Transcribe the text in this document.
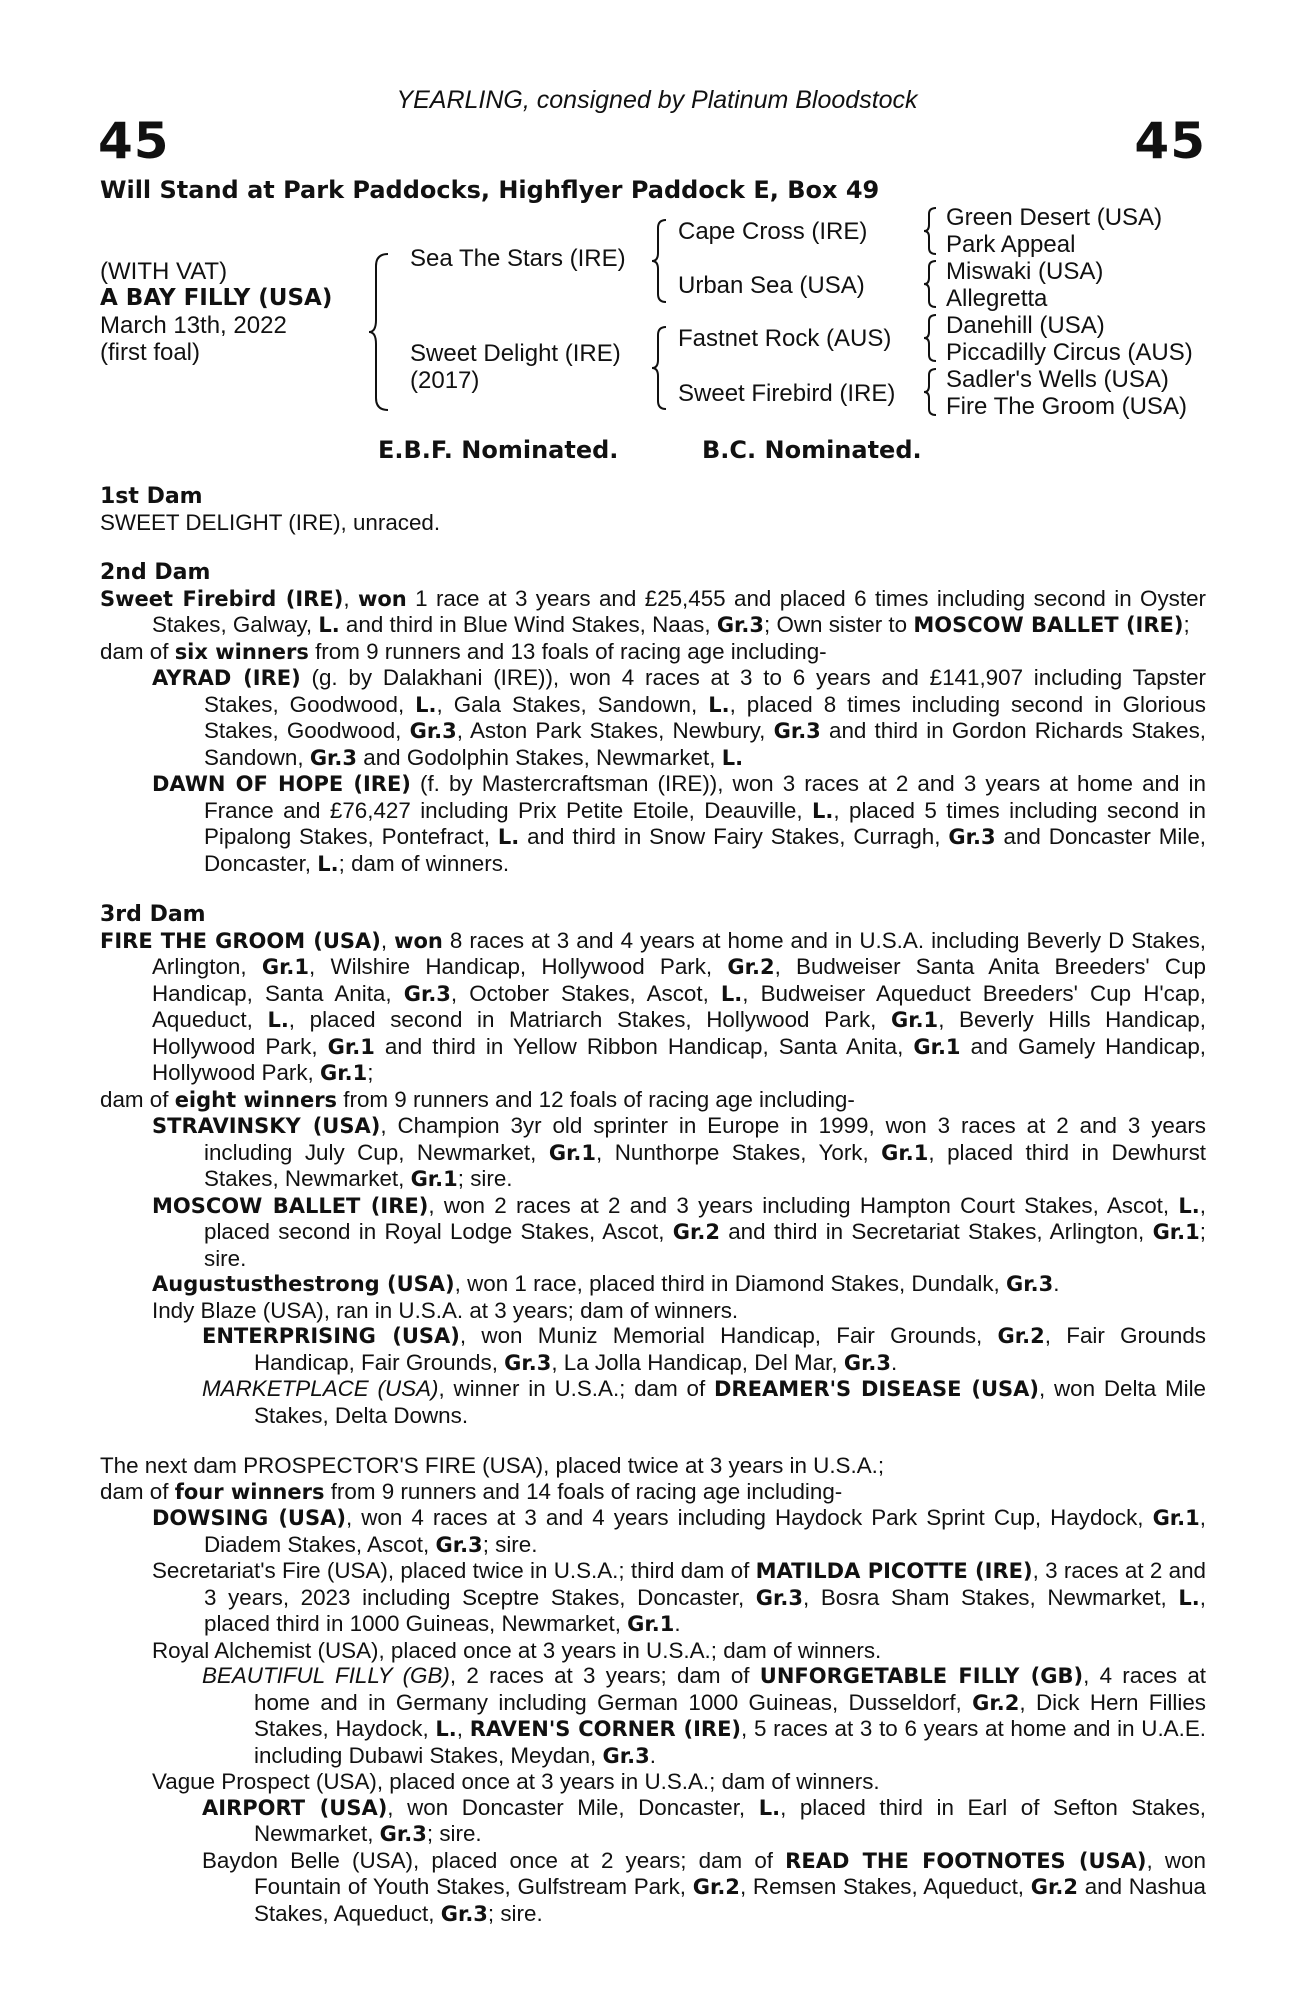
YEARLING, consigned by Platinum Bloodstock
45	45
Will Stand at Park Paddocks, Highflyer Paddock E, Box 49
(WITH VAT)
A BAY FILLY (USA)
March 13th, 2022
(first foal)
Sea The Stars (IRE)
Sweet Delight (IRE)
(2017)
Cape Cross (IRE)
Urban Sea (USA)
Fastnet Rock (AUS)
Sweet Firebird (IRE)
Green Desert (USA)
Park Appeal
Miswaki (USA)
Allegretta
Danehill (USA)
Piccadilly Circus (AUS)
Sadler's Wells (USA)
Fire The Groom (USA)
E.B.F. Nominated.	B.C. Nominated.
1st Dam
SWEET DELIGHT (IRE), unraced.
2nd Dam
Sweet Firebird (IRE), won 1 race at 3 years and £25,455 and placed 6 times including second in Oyster Stakes, Galway, L. and third in Blue Wind Stakes, Naas, Gr.3; Own sister to MOSCOW BALLET (IRE);
dam of six winners from 9 runners and 13 foals of racing age including-
AYRAD (IRE) (g. by Dalakhani (IRE)), won 4 races at 3 to 6 years and £141,907 including Tapster Stakes, Goodwood, L., Gala Stakes, Sandown, L., placed 8 times including second in Glorious Stakes, Goodwood, Gr.3, Aston Park Stakes, Newbury, Gr.3 and third in Gordon Richards Stakes, Sandown, Gr.3 and Godolphin Stakes, Newmarket, L.
DAWN OF HOPE (IRE) (f. by Mastercraftsman (IRE)), won 3 races at 2 and 3 years at home and in France and £76,427 including Prix Petite Etoile, Deauville, L., placed 5 times including second in Pipalong Stakes, Pontefract, L. and third in Snow Fairy Stakes, Curragh, Gr.3 and Doncaster Mile, Doncaster, L.; dam of winners.
3rd Dam
FIRE THE GROOM (USA), won 8 races at 3 and 4 years at home and in U.S.A. including Beverly D Stakes, Arlington, Gr.1, Wilshire Handicap, Hollywood Park, Gr.2, Budweiser Santa Anita Breeders' Cup Handicap, Santa Anita, Gr.3, October Stakes, Ascot, L., Budweiser Aqueduct Breeders' Cup H'cap, Aqueduct, L., placed second in Matriarch Stakes, Hollywood Park, Gr.1, Beverly Hills Handicap, Hollywood Park, Gr.1 and third in Yellow Ribbon Handicap, Santa Anita, Gr.1 and Gamely Handicap, Hollywood Park, Gr.1;
dam of eight winners from 9 runners and 12 foals of racing age including-
STRAVINSKY (USA), Champion 3yr old sprinter in Europe in 1999, won 3 races at 2 and 3 years including July Cup, Newmarket, Gr.1, Nunthorpe Stakes, York, Gr.1, placed third in Dewhurst Stakes, Newmarket, Gr.1; sire.
MOSCOW BALLET (IRE), won 2 races at 2 and 3 years including Hampton Court Stakes, Ascot, L., placed second in Royal Lodge Stakes, Ascot, Gr.2 and third in Secretariat Stakes, Arlington, Gr.1; sire.
Augustusthestrong (USA), won 1 race, placed third in Diamond Stakes, Dundalk, Gr.3.
Indy Blaze (USA), ran in U.S.A. at 3 years; dam of winners.
ENTERPRISING (USA), won Muniz Memorial Handicap, Fair Grounds, Gr.2, Fair Grounds Handicap, Fair Grounds, Gr.3, La Jolla Handicap, Del Mar, Gr.3.
MARKETPLACE (USA), winner in U.S.A.; dam of DREAMER'S DISEASE (USA), won Delta Mile Stakes, Delta Downs.
The next dam PROSPECTOR'S FIRE (USA), placed twice at 3 years in U.S.A.;
dam of four winners from 9 runners and 14 foals of racing age including-
DOWSING (USA), won 4 races at 3 and 4 years including Haydock Park Sprint Cup, Haydock, Gr.1, Diadem Stakes, Ascot, Gr.3; sire.
Secretariat's Fire (USA), placed twice in U.S.A.; third dam of MATILDA PICOTTE (IRE), 3 races at 2 and 3 years, 2023 including Sceptre Stakes, Doncaster, Gr.3, Bosra Sham Stakes, Newmarket, L., placed third in 1000 Guineas, Newmarket, Gr.1.
Royal Alchemist (USA), placed once at 3 years in U.S.A.; dam of winners.
BEAUTIFUL FILLY (GB), 2 races at 3 years; dam of UNFORGETABLE FILLY (GB), 4 races at home and in Germany including German 1000 Guineas, Dusseldorf, Gr.2, Dick Hern Fillies Stakes, Haydock, L., RAVEN'S CORNER (IRE), 5 races at 3 to 6 years at home and in U.A.E. including Dubawi Stakes, Meydan, Gr.3.
Vague Prospect (USA), placed once at 3 years in U.S.A.; dam of winners.
AIRPORT (USA), won Doncaster Mile, Doncaster, L., placed third in Earl of Sefton Stakes, Newmarket, Gr.3; sire.
Baydon Belle (USA), placed once at 2 years; dam of READ THE FOOTNOTES (USA), won Fountain of Youth Stakes, Gulfstream Park, Gr.2, Remsen Stakes, Aqueduct, Gr.2 and Nashua Stakes, Aqueduct, Gr.3; sire.
